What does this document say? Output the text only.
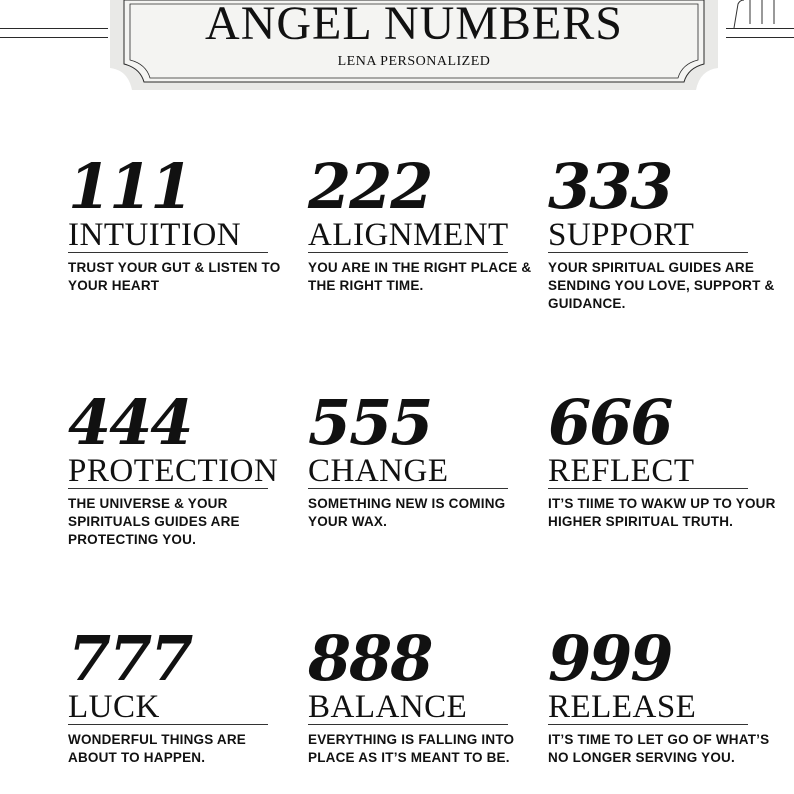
ANGEL NUMBERS
LENA PERSONALIZED
111
INTUITION
TRUST YOUR GUT & LISTEN TO YOUR HEART
222
ALIGNMENT
YOU ARE IN THE RIGHT PLACE & THE RIGHT TIME.
333
SUPPORT
YOUR SPIRITUAL GUIDES ARE SENDING YOU LOVE, SUPPORT & GUIDANCE.
444
PROTECTION
THE UNIVERSE & YOUR SPIRITUALS GUIDES ARE PROTECTING YOU.
555
CHANGE
SOMETHING NEW IS COMING YOUR WAX.
666
REFLECT
IT’S TIIME TO WAKW UP TO YOUR HIGHER SPIRITUAL TRUTH.
777
LUCK
WONDERFUL THINGS ARE ABOUT TO HAPPEN.
888
BALANCE
EVERYTHING IS FALLING INTO PLACE AS IT’S MEANT TO BE.
999
RELEASE
IT’S TIME TO LET GO OF WHAT’S NO LONGER SERVING YOU.
